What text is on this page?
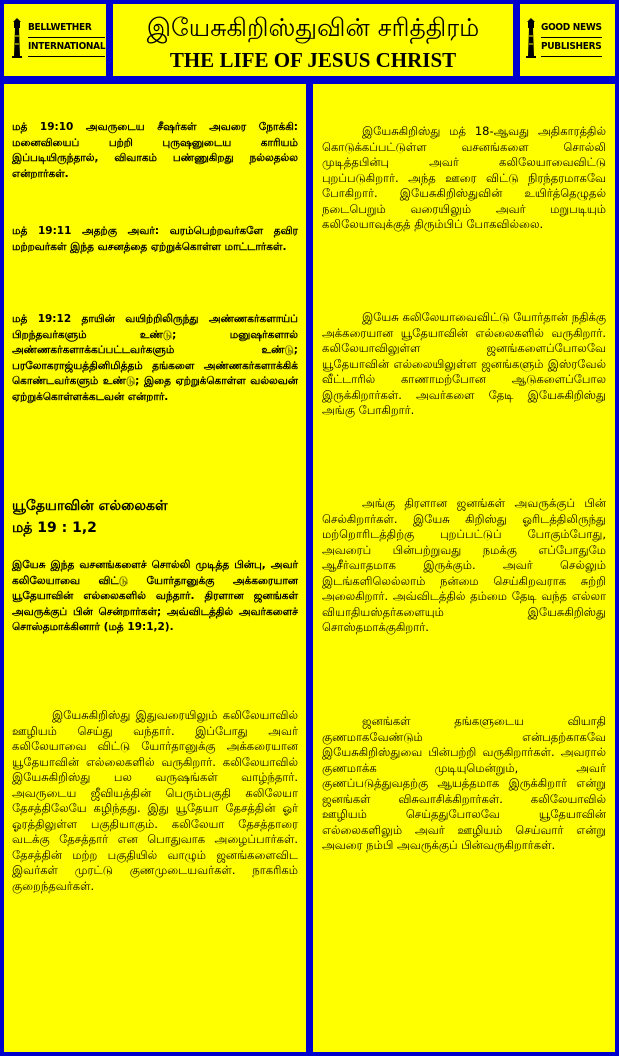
BELLWETHER
INTERNATIONAL
இயேசுகிறிஸ்துவின் சரித்திரம்
THE LIFE OF JESUS CHRIST
GOOD NEWS
PUBLISHERS

மத் 19:10 அவருடைய சீஷர்கள் அவரை நோக்கி: மனைவியைப் பற்றி புருஷனுடைய காரியம் இப்படியிருந்தால், விவாகம் பண்ணுகிறது நல்லதல்ல என்றார்கள்.

மத் 19:11 அதற்கு அவர்: வரம்பெற்றவர்களே தவிர மற்றவர்கள் இந்த வசனத்தை ஏற்றுக்கொள்ள மாட்டார்கள்.

மத் 19:12 தாயின் வயிற்றிலிருந்து அண்ணகர்களாய்ப் பிறந்தவர்களும் உண்டு; மனுஷர்களால் அண்ணகர்களாக்கப்பட்டவர்களும் உண்டு; பரலோகராஜ்யத்தினிமித்தம் தங்களை அண்ணகர்களாக்கிக் கொண்டவர்களும் உண்டு; இதை ஏற்றுக்கொள்ள வல்லவன் ஏற்றுக்கொள்ளக்கடவன் என்றார்.

யூதேயாவின் எல்லைகள்
மத் 19 : 1,2

இயேசு இந்த வசனங்களைச் சொல்லி முடித்த பின்பு, அவர் கலிலேயாவை விட்டு யோர்தானுக்கு அக்கரையான யூதேயாவின் எல்லைகளில் வந்தார். திரளான ஜனங்கள் அவருக்குப் பின் சென்றார்கள்; அவ்விடத்தில் அவர்களைச் சொஸ்தமாக்கினார் (மத் 19:1,2).

இயேசுகிறிஸ்து இதுவரையிலும் கலிலேயாவில் ஊழியம் செய்து வந்தார். இப்போது அவர் கலிலேயாவை விட்டு யோர்தானுக்கு அக்கரையான யூதேயாவின் எல்லைகளில் வருகிறார். கலிலேயாவில் இயேசுகிறிஸ்து பல வருஷங்கள் வாழ்ந்தார். அவருடைய ஜீவியத்தின் பெரும்பகுதி கலிலேயா தேசத்திலேயே கழிந்தது. இது யூதேயா தேசத்தின் ஓர் ஓரத்திலுள்ள பகுதியாகும். கலிலேயா தேசத்தாரை வடக்கு தேசத்தார் என பொதுவாக அழைப்பார்கள். தேசத்தின் மற்ற பகுதியில் வாழும் ஜனங்களைவிட இவர்கள் முரட்டு குணமுடையவர்கள். நாகரிகம் குறைந்தவர்கள்.

இயேசுகிறிஸ்து மத் 18-ஆவது அதிகாரத்தில் கொடுக்கப்பட்டுள்ள வசனங்களை சொல்லி முடித்தபின்பு அவர் கலிலேயாவைவிட்டு புறப்படுகிறார். அந்த ஊரை விட்டு நிரந்தரமாகவே போகிறார். இயேசுகிறிஸ்துவின் உயிர்த்தெழுதல் நடைபெறும் வரையிலும் அவர் மறுபடியும் கலிலேயாவுக்குத் திரும்பிப் போகவில்லை.

இயேசு கலிலேயாவைவிட்டு யோர்தான் நதிக்கு அக்கரையான யூதேயாவின் எல்லைகளில் வருகிறார். கலிலேயாவிலுள்ள ஜனங்களைப்போலவே யூதேயாவின் எல்லையிலுள்ள ஜனங்களும் இஸ்ரவேல் வீட்டாரில் காணாமற்போன ஆடுகளைப்போல இருக்கிறார்கள். அவர்களை தேடி இயேசுகிறிஸ்து அங்கு போகிறார்.

அங்கு திரளான ஜனங்கள் அவருக்குப் பின் செல்கிறார்கள். இயேசு கிறிஸ்து ஓரிடத்திலிருந்து மற்றொரிடத்திற்கு புறப்பட்டுப் போகும்போது, அவரைப் பின்பற்றுவது நமக்கு எப்போதுமே ஆசீர்வாதமாக இருக்கும். அவர் செல்லும் இடங்களிலெல்லாம் நன்மை செய்கிறவராக சுற்றி அலைகிறார். அவ்விடத்தில் தம்மை தேடி வந்த எல்லா வியாதியஸ்தர்களையும் இயேசுகிறிஸ்து சொஸ்தமாக்குகிறார்.

ஜனங்கள் தங்களுடைய வியாதி குணமாகவேண்டும் என்பதற்காகவே இயேசுகிறிஸ்துவை பின்பற்றி வருகிறார்கள். அவரால் குணமாக்க முடியுமென்றும், அவர் குணப்படுத்துவதற்கு ஆயத்தமாக இருக்கிறார் என்று ஜனங்கள் விசுவாசிக்கிறார்கள். கலிலேயாவில் ஊழியம் செய்ததுபோலவே யூதேயாவின் எல்லைகளிலும் அவர் ஊழியம் செய்வார் என்று அவரை நம்பி அவருக்குப் பின்வருகிறார்கள்.
